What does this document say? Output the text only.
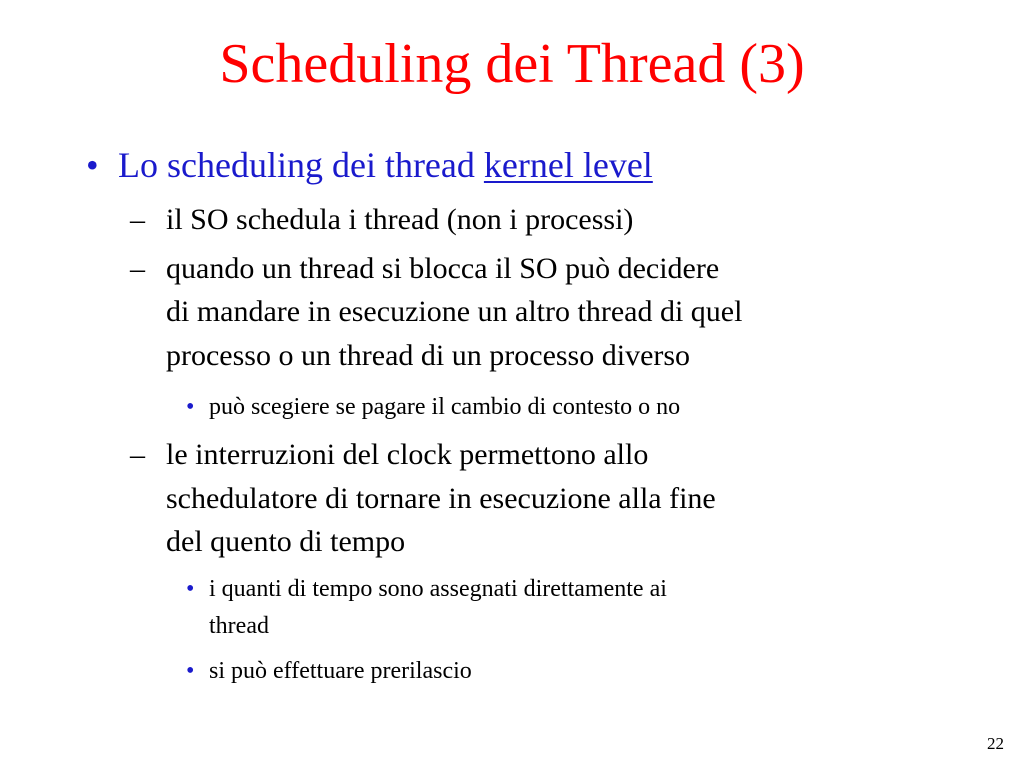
Scheduling dei Thread (3)
• Lo scheduling dei thread kernel level
– il SO schedula i thread (non i processi)
– quando un thread si blocca il SO può decidere
di mandare in esecuzione un altro thread di quel
processo o un thread di un processo diverso
• può scegiere se pagare il cambio di contesto o no
– le interruzioni del clock permettono allo
schedulatore di tornare in esecuzione alla fine
del quento di tempo
• i quanti di tempo sono assegnati direttamente ai
thread
• si può effettuare prerilascio
22
